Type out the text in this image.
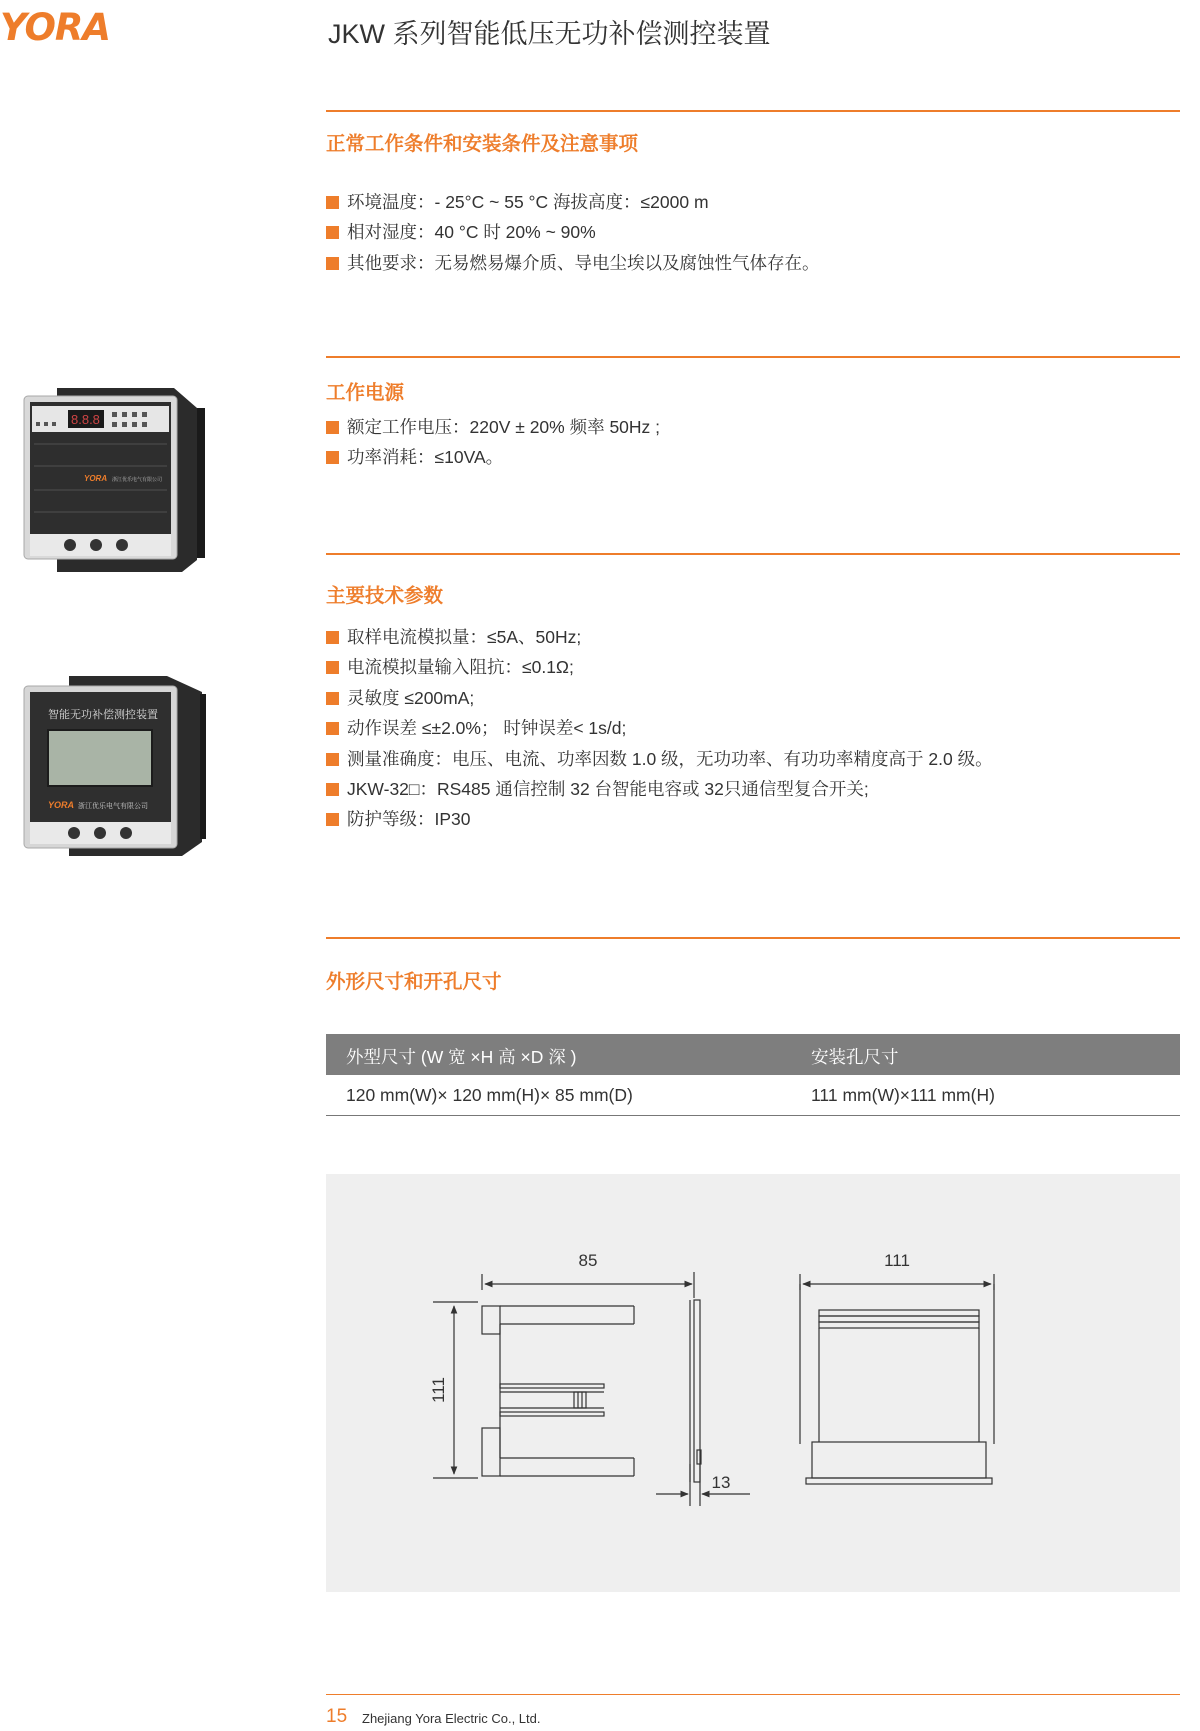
YORA	JKW 系列智能低压无功补偿测控装置
正常工作条件和安装条件及注意事项
环境温度：- 25°C ~ 55 °C 海拔高度：≤2000 m
相对湿度：40 °C 时 20% ~ 90%
其他要求：无易燃易爆介质、导电尘埃以及腐蚀性气体存在。
工作电源
额定工作电压：220V ± 20% 频率 50Hz ;
功率消耗：≤10VA。
8.8.8
YORA 浙江优乐电气有限公司
主要技术参数
取样电流模拟量：≤5A、50Hz;
电流模拟量输入阻抗：≤0.1Ω;
灵敏度 ≤200mA;
动作误差 ≤±2.0%； 时钟误差< 1s/d;
测量准确度：电压、电流、功率因数 1.0 级，无功功率、有功功率精度高于 2.0 级。
JKW-32□：RS485 通信控制 32 台智能电容或 32只通信型复合开关;
防护等级：IP30
智能无功补偿测控装置
YORA 浙江优乐电气有限公司
外形尺寸和开孔尺寸
外型尺寸 (W 宽 ×H 高 ×D 深 )	安装孔尺寸
120 mm(W)× 120 mm(H)× 85 mm(D)	111 mm(W)×111 mm(H)
85
111
13
111
15 Zhejiang Yora Electric Co., Ltd.
